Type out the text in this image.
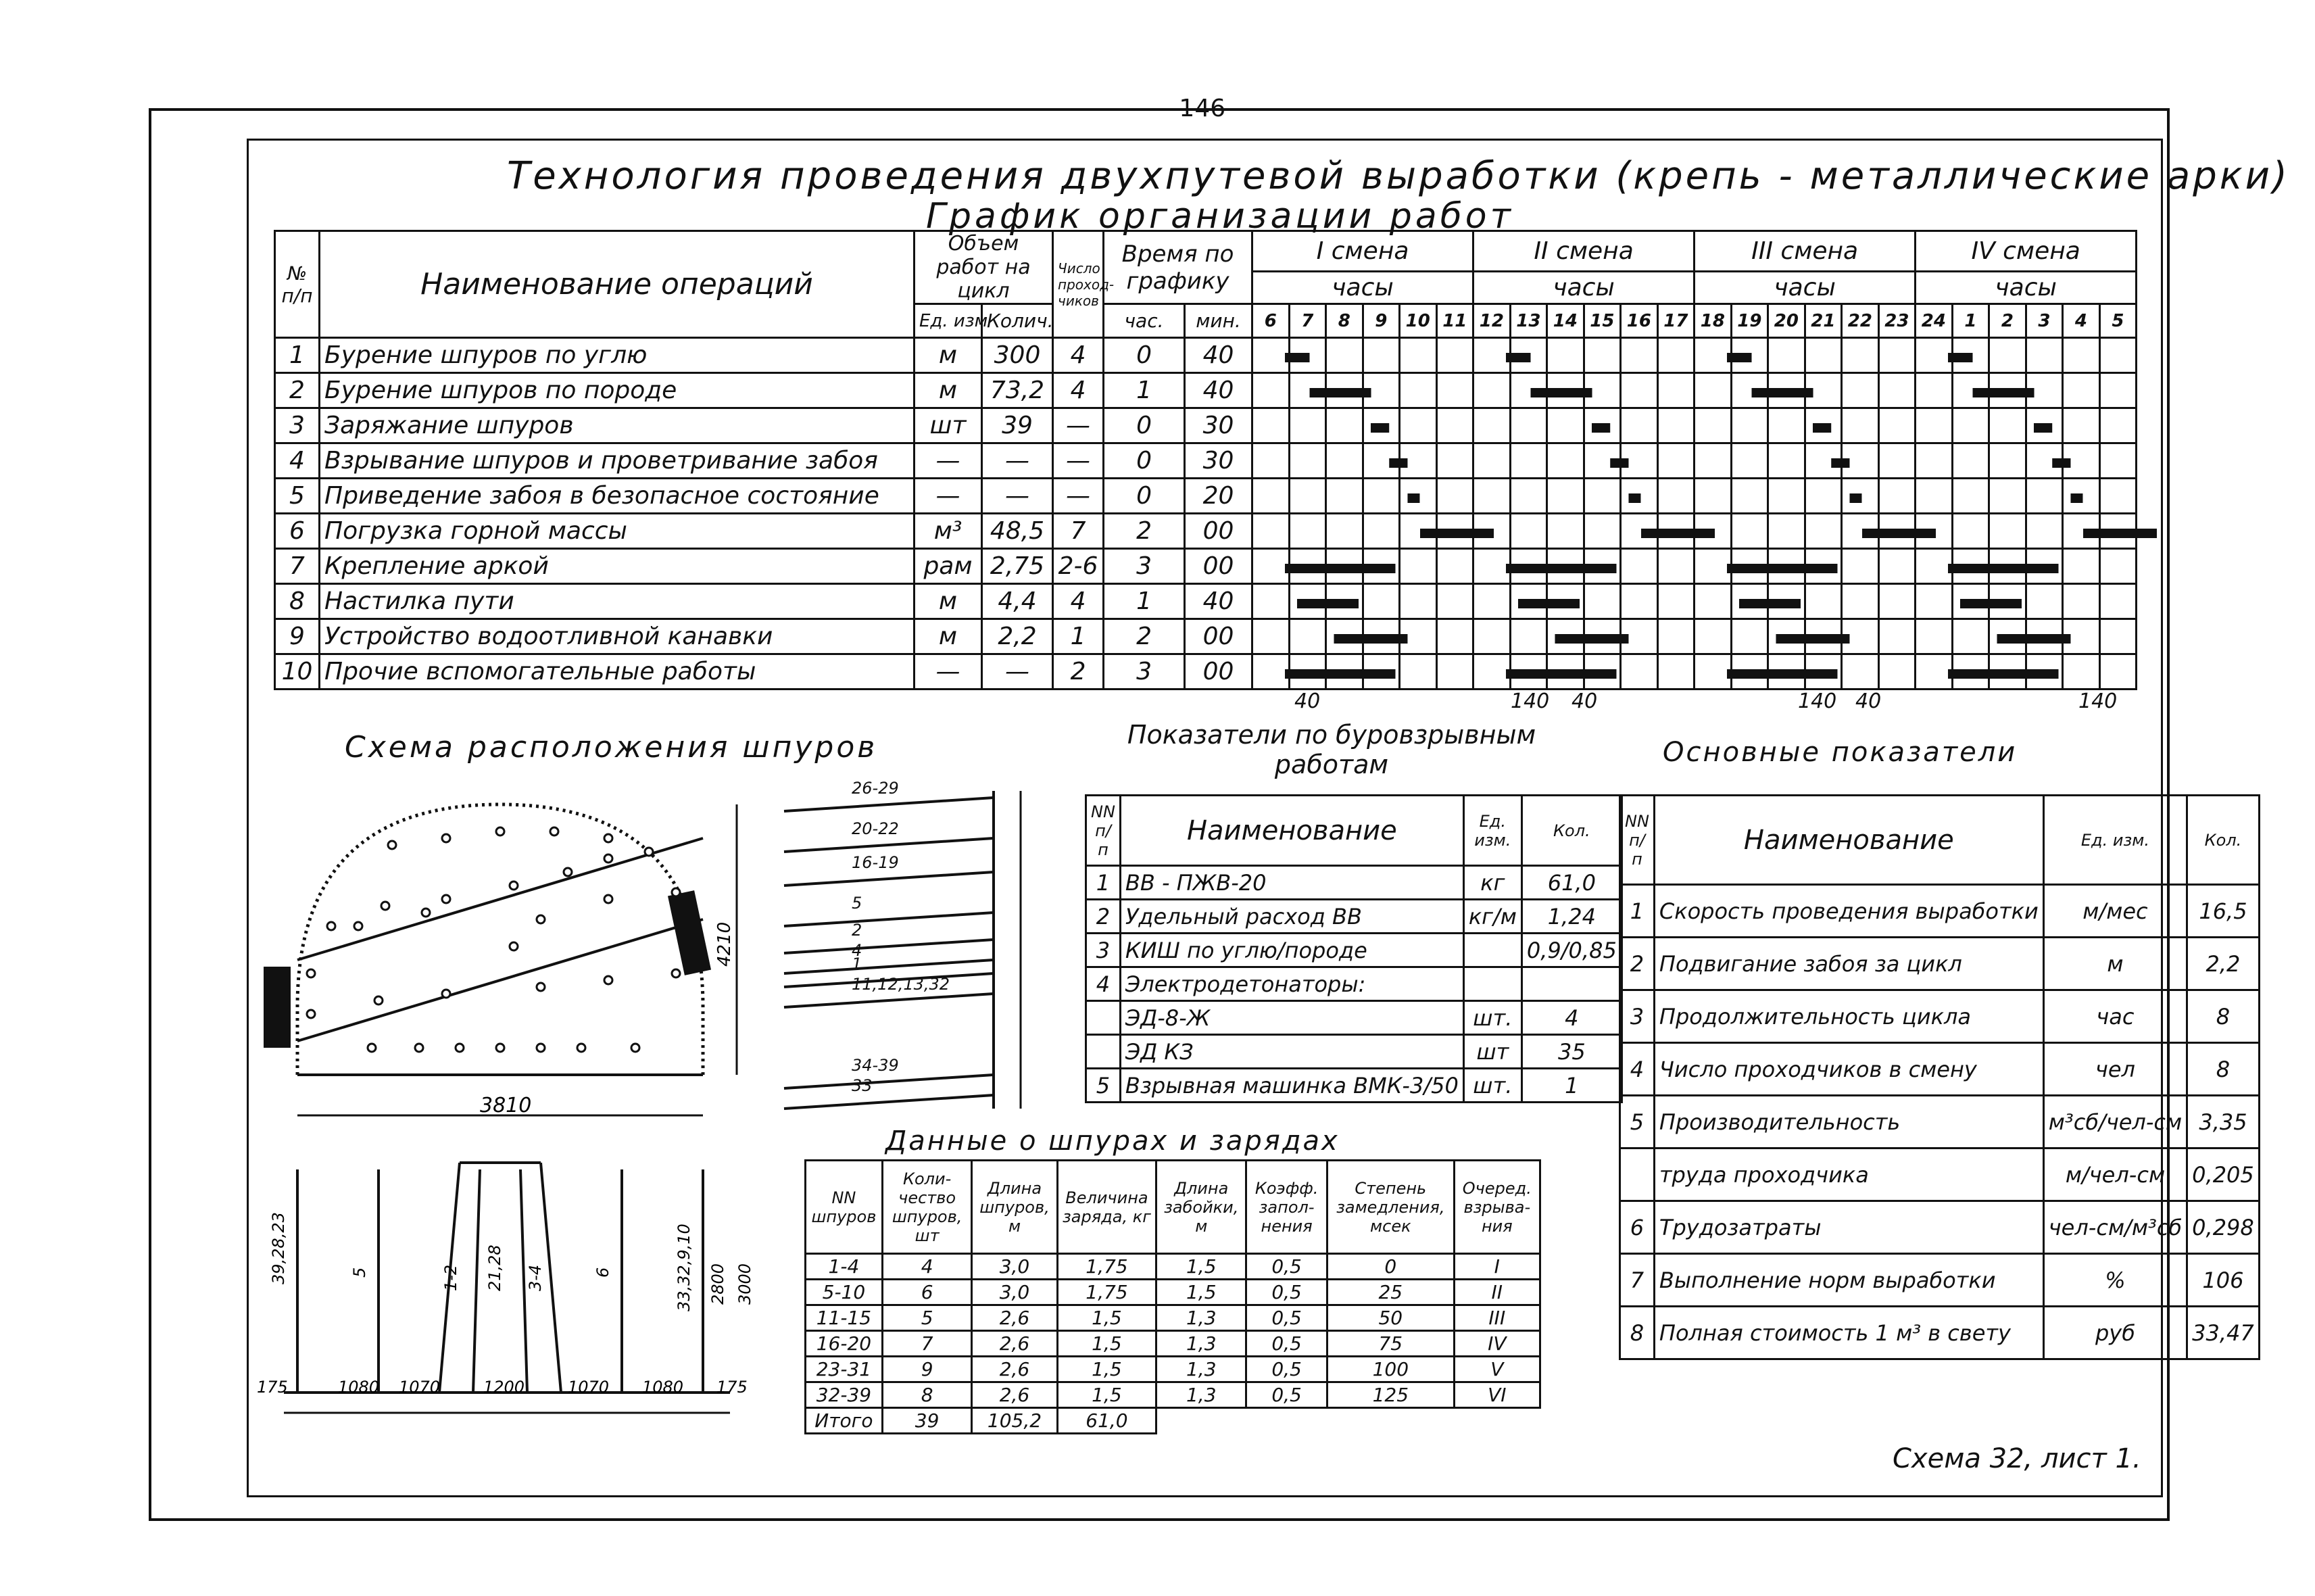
- 146 -
Технология проведения двухпутевой выработки (крепь - металлические арки)
График организации работ
№ п/п	Наименование операций	Объем работ на цикл		Число проход-чиков	Время по графику		I смена						II смена						III смена						IV смена					
							часы						часы						часы						часы					
		Ед. изм	Колич.		час.	мин.	6	7	8	9	10	11	12	13	14	15	16	17	18	19	20	21	22	23	24	1	2	3	4	5
1	Бурение шпуров по углю	м	300	4	0	40																								
2	Бурение шпуров по породе	м	73,2	4	1	40																								
3	Заряжание шпуров	шт	39	—	0	30																								
4	Взрывание шпуров и проветривание забоя	—	—	—	0	30																								
5	Приведение забоя в безопасное состояние	—	—	—	0	20																								
6	Погрузка горной массы	м³	48,5	7	2	00																								
7	Крепление аркой	рам	2,75	2-6	3	00																								
8	Настилка пути	м	4,4	4	1	40																								
9	Устройство водоотливной канавки	м	2,2	1	2	00																								
10	Прочие вспомогательные работы	—	—	2	3	00																								
40	140 40	140 40	140
Схема расположения шпуров
3810
4210
26-29
20-22
16-19
5
2
4
1
11,12,13,32
34-39
33
1080 1070	1200	1070 1080
175	175
39,28,23	5	1-2 21,28 3-4	6	33,32,9,10 2800 3000
Показатели по буровзрывным работам
NN п/п	Наименование	Ед. изм.	Кол.
1	ВВ - ПЖВ-20	кг	61,0
2	Удельный расход ВВ	кг/м	1,24
3	КИШ по углю/породе		0,9/0,85
4	Электродетонаторы:		
	ЭД-8-Ж	шт.	4
	ЭД КЗ	шт	35
5	Взрывная машинка ВМК-3/50	шт.	1
Основные показатели
NN п/п	Наименование	Ед. изм.	Кол.
1	Скорость проведения выработки	м/мес	16,5
2	Подвигание забоя за цикл	м	2,2
3	Продолжительность цикла	час	8
4	Число проходчиков в смену	чел	8
5	Производительность	м³сб/чел-см	3,35
	труда проходчика	м/чел-см	0,205
6	Трудозатраты	чел-см/м³сб	0,298
7	Выполнение норм выработки	%	106
8	Полная стоимость 1 м³ в свету	руб	33,47
Данные о шпурах и зарядах
NN шпуров	Коли-чество шпуров, шт	Длина шпуров, м	Величина заряда, кг	Длина забойки, м	Коэфф. запол-нения	Степень замедления, мсек	Очеред. взрыва-ния
1-4	4	3,0	1,75	1,5	0,5	0	I
5-10	6	3,0	1,75	1,5	0,5	25	II
11-15	5	2,6	1,5	1,3	0,5	50	III
16-20	7	2,6	1,5	1,3	0,5	75	IV
23-31	9	2,6	1,5	1,3	0,5	100	V
32-39	8	2,6	1,5	1,3	0,5	125	VI
Итого	39	105,2	61,0				
Схема 32, лист 1.
